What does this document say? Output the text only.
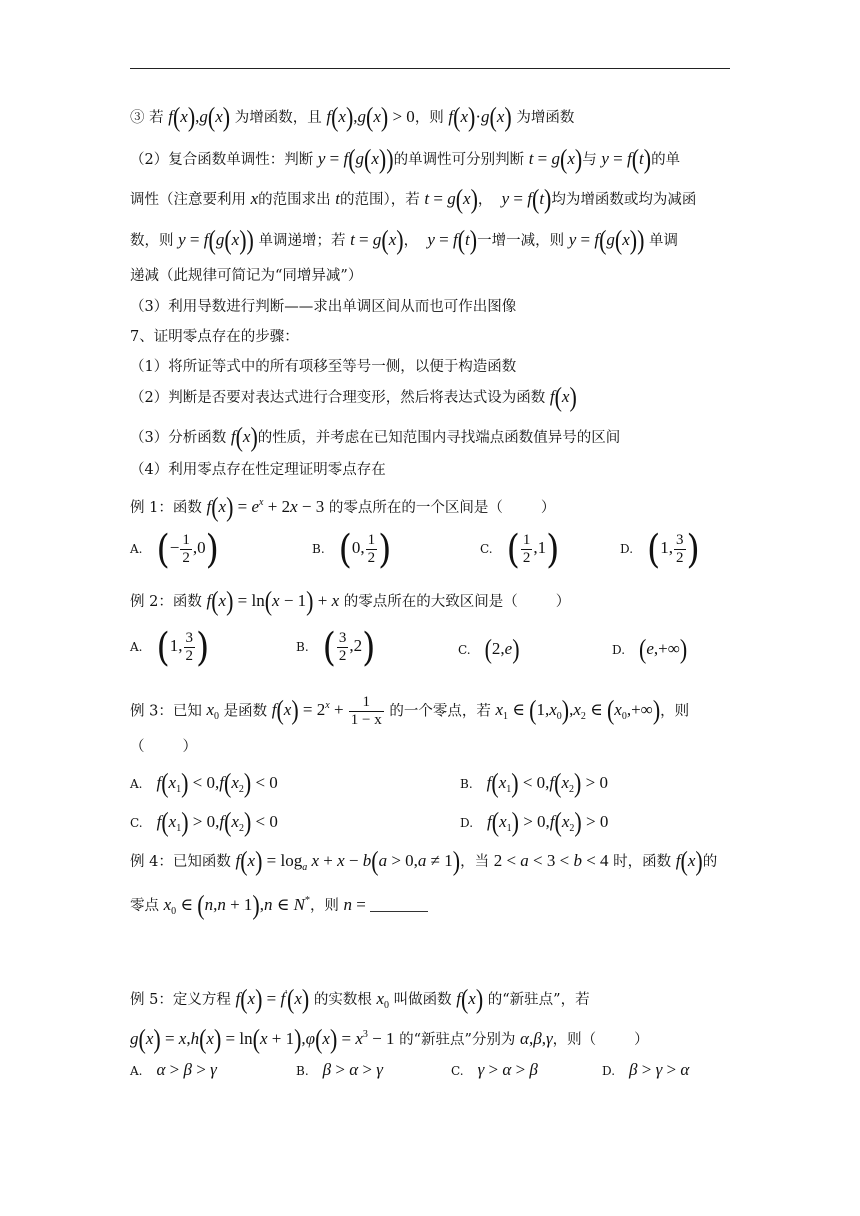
③ 若 f(x),g(x) 为增函数，且 f(x),g(x) > 0，则 f(x)·g(x) 为增函数
（2）复合函数单调性：判断 y = f(g(x))的单调性可分别判断 t = g(x)与 y = f(t)的单
调性（注意要利用 x的范围求出 t的范围），若 t = g(x)， y = f(t)均为增函数或均为减函
数，则 y = f(g(x)) 单调递增；若 t = g(x)， y = f(t)一增一减，则 y = f(g(x)) 单调
递减（此规律可简记为“同增异减”）
（3）利用导数进行判断——求出单调区间从而也可作出图像
7、证明零点存在的步骤：
（1）将所证等式中的所有项移至等号一侧，以便于构造函数
（2）判断是否要对表达式进行合理变形，然后将表达式设为函数 f(x)
（3）分析函数 f(x)的性质，并考虑在已知范围内寻找端点函数值异号的区间
（4）利用零点存在性定理证明零点存在
例 1：函数 $f(x) = e^x + 2x - 3$ 的零点所在的一个区间是（	）
A. (− $\frac{1}{2} ,0$)	B. (0, $\frac{1}{2}$ )	C. ( $\frac{1}{2} ,1$)	D. (1, $\frac{3}{2}$ )
例 2：函数 f(x) = ln(x − 1) + x 的零点所在的大致区间是（	）
A. (1, $\frac{3}{2}$ )	B. ( $\frac{3}{2} ,2$)	C. (2,e)	D. (e,+∞)
例 3：已知 $x_0$ 是函数 $f(x) = 2^x + \frac{1}{1 - x}$ 的一个零点，若 $x_1$ ∈ $(1,x_0),x_2$ ∈ $(x_0,+\infty)$，则
（	）
A. $f(x_1) < 0,f(x_2) < 0$	B. $f(x_1) < 0,f(x_2) > 0$
C. $f(x_1) > 0,f(x_2) < 0$	D. $f(x_1) > 0,f(x_2) > 0$
例 4：已知函数 $f(x) = \log_a x + x - b(a > 0,a \ne 1)$，当 2 < a < 3 < b < 4 时，函数 f(x)的
零点 $x_0$ ∈ (n,n + 1),n ∈ N*，则 n =
例 5：定义方程 f(x) = f'(x) 的实数根 $x_0$ 叫做函数 f(x) 的“新驻点”，若
$g(x) = x,h(x) = \ln(x + 1),\varphi(x) = x^3 - 1$ 的“新驻点”分别为 α,β,γ，则（	）
A. α > β > γ	B. β > α > γ	C. γ > α > β	D. β > γ > α
